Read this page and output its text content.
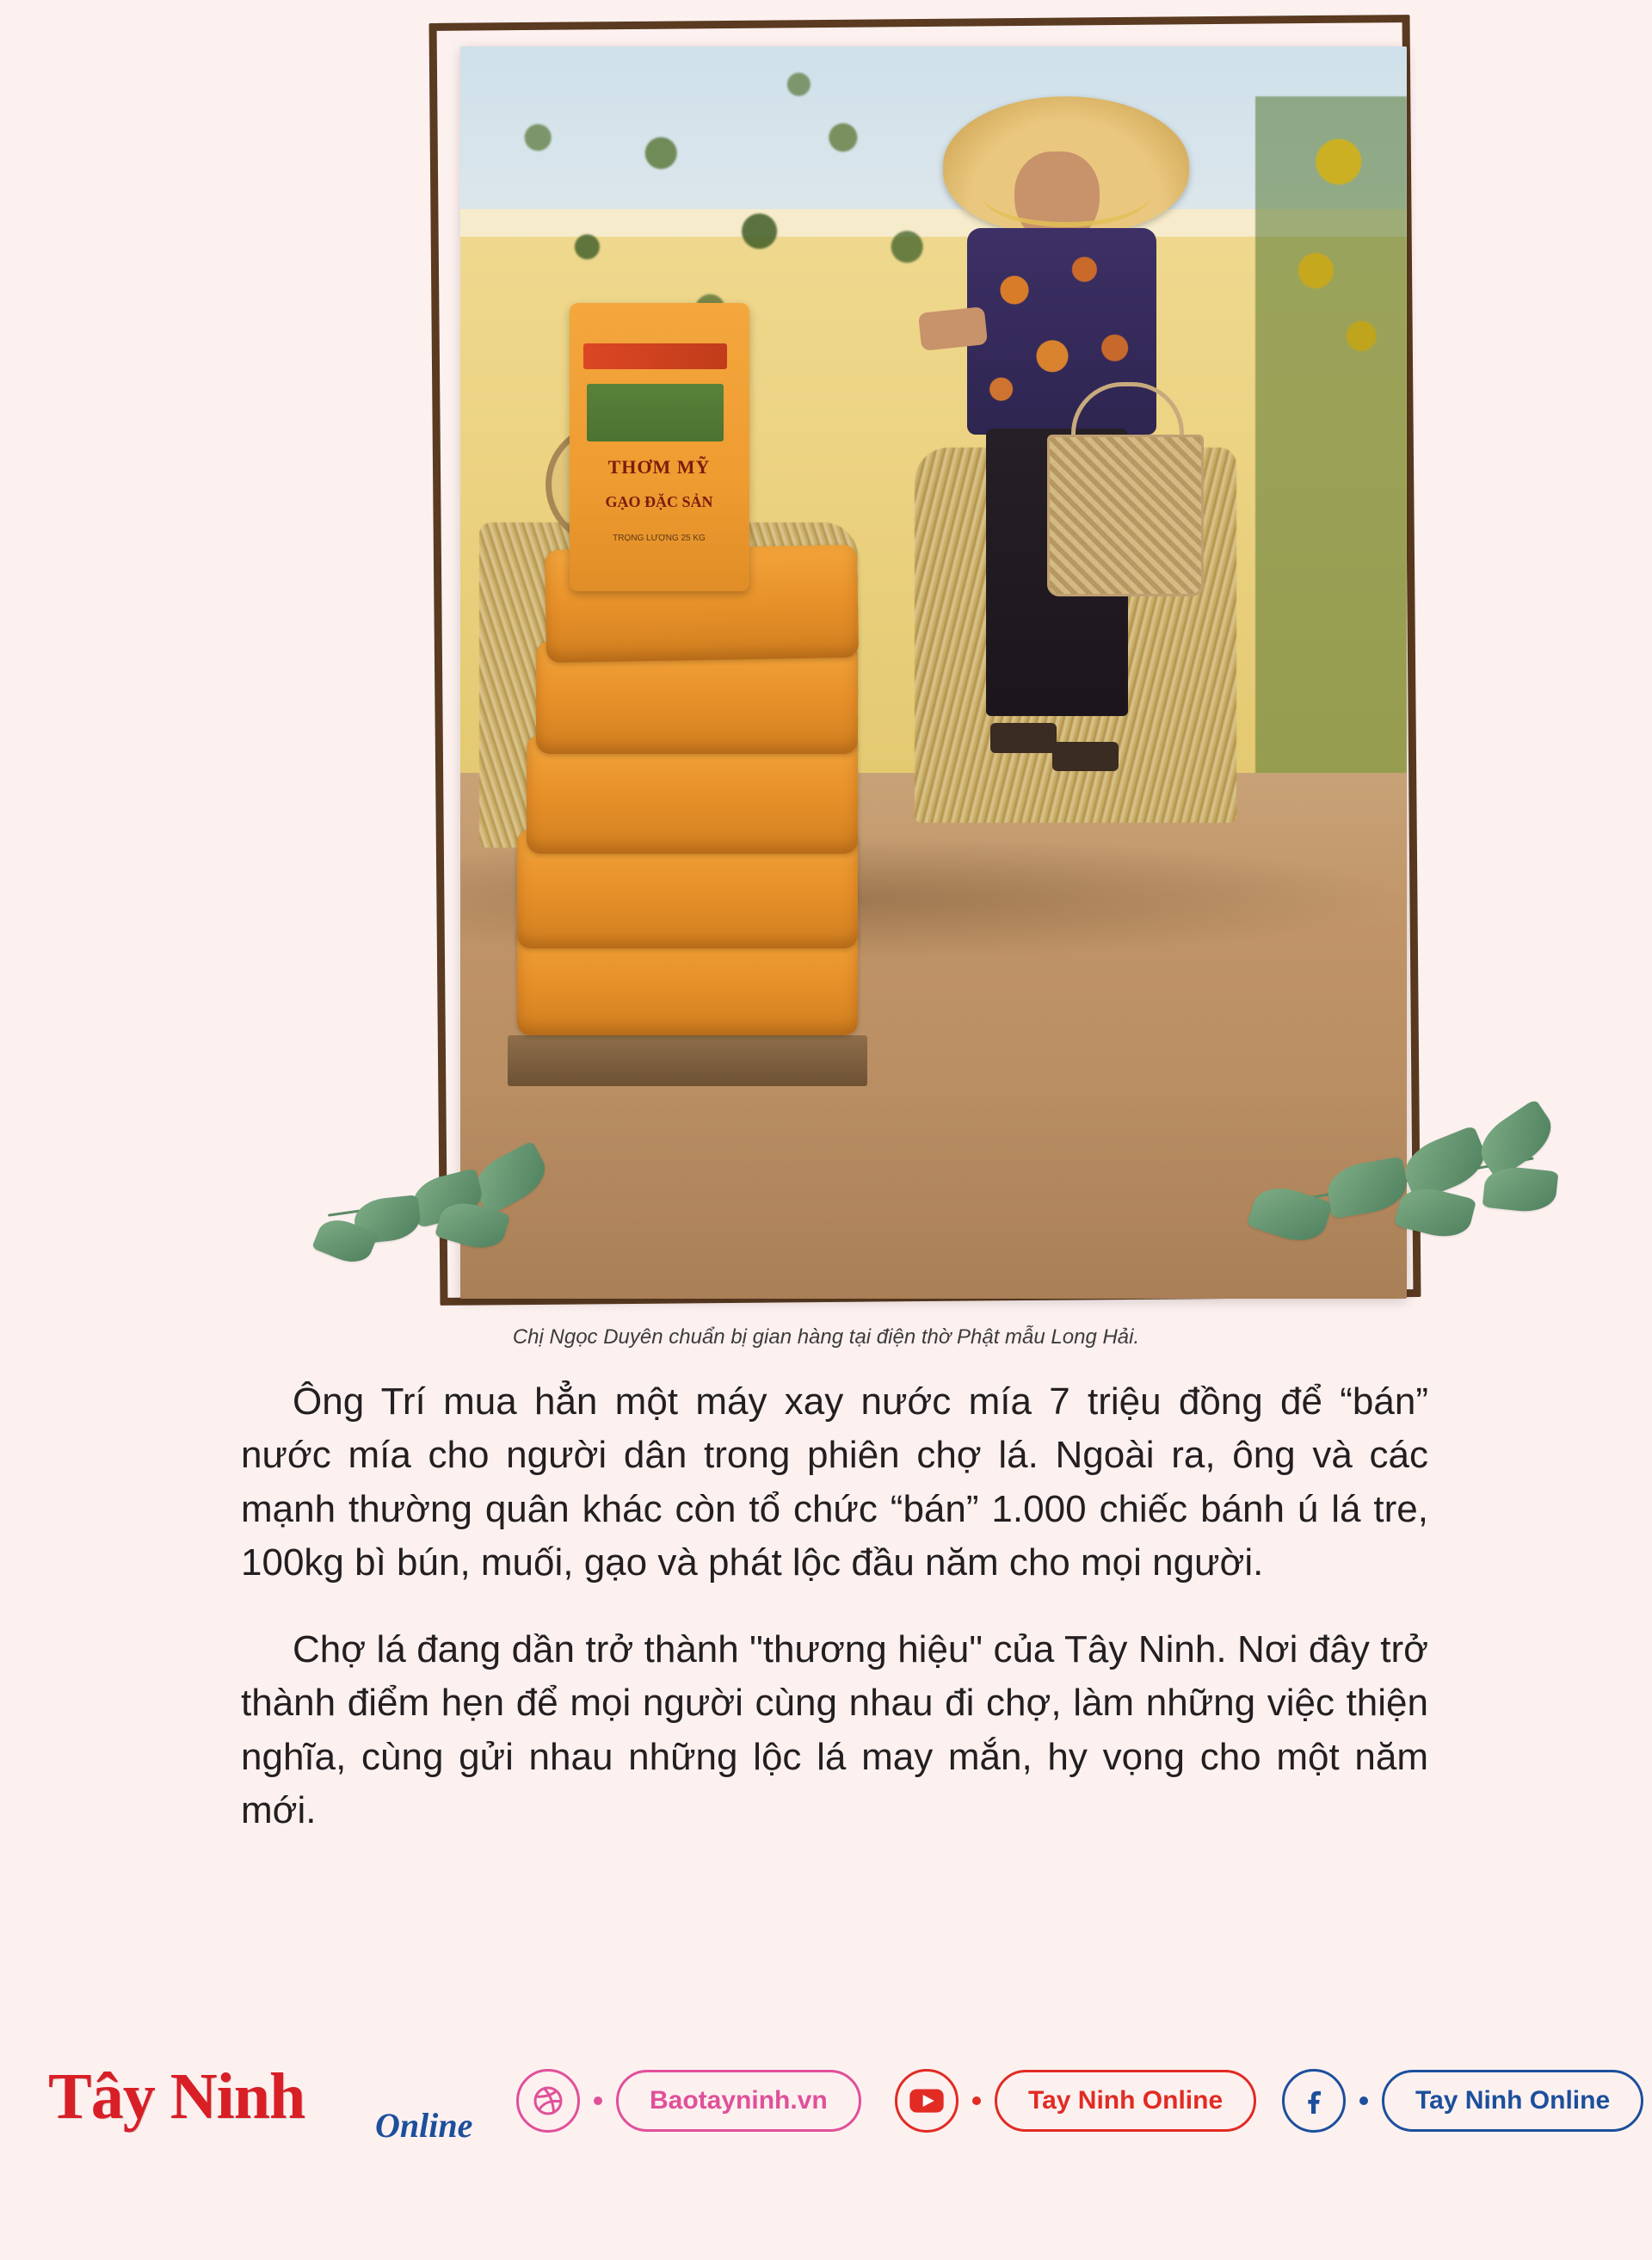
THƠM MỸ
GẠO ĐẶC SẢN
TRỌNG LƯỢNG 25 KG
Chị Ngọc Duyên chuẩn bị gian hàng tại điện thờ Phật mẫu Long Hải.

Ông Trí mua hẳn một máy xay nước mía 7 triệu đồng để “bán” nước mía cho người dân trong phiên chợ lá. Ngoài ra, ông và các mạnh thường quân khác còn tổ chức “bán” 1.000 chiếc bánh ú lá tre, 100kg bì bún, muối, gạo và phát lộc đầu năm cho mọi người.

Chợ lá đang dần trở thành "thương hiệu" của Tây Ninh. Nơi đây trở thành điểm hẹn để mọi người cùng nhau đi chợ, làm những việc thiện nghĩa, cùng gửi nhau những lộc lá may mắn, hy vọng cho một năm mới.

Tây Ninh Online
Baotayninh.vn	Tay Ninh Online	Tay Ninh Online
